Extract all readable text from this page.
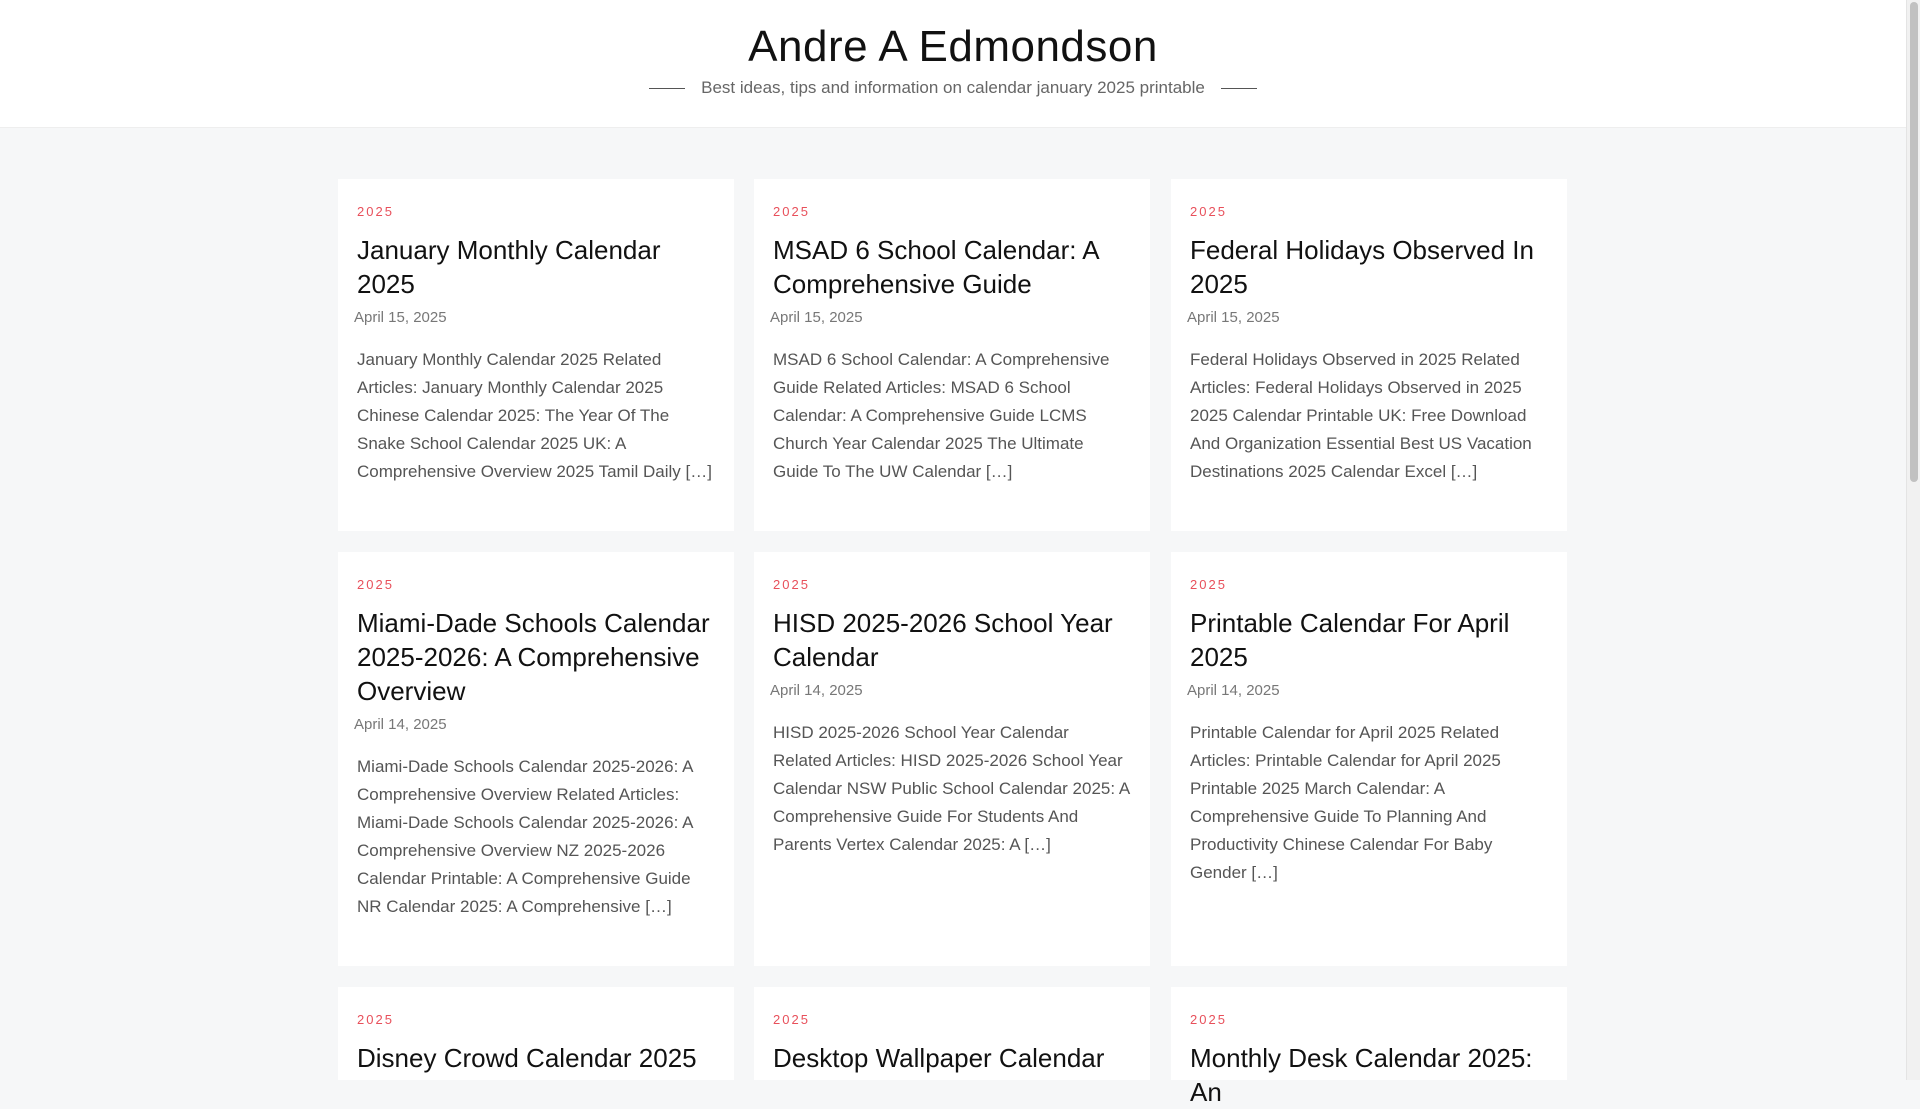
Andre A Edmondson
Best ideas, tips and information on calendar january 2025 printable
2025
January Monthly Calendar 2025
April 15, 2025

January Monthly Calendar 2025 Related Articles: January Monthly Calendar 2025 Chinese Calendar 2025: The Year Of The Snake School Calendar 2025 UK: A Comprehensive Overview 2025 Tamil Daily […]

2025
MSAD 6 School Calendar: A Comprehensive Guide
April 15, 2025

MSAD 6 School Calendar: A Comprehensive Guide Related Articles: MSAD 6 School Calendar: A Comprehensive Guide LCMS Church Year Calendar 2025 The Ultimate Guide To The UW Calendar […]

2025
Federal Holidays Observed In 2025
April 15, 2025

Federal Holidays Observed in 2025 Related Articles: Federal Holidays Observed in 2025 2025 Calendar Printable UK: Free Download And Organization Essential Best US Vacation Destinations 2025 Calendar Excel […]

2025
Miami-Dade Schools Calendar 2025-2026: A Comprehensive Overview
April 14, 2025

Miami-Dade Schools Calendar 2025-2026: A Comprehensive Overview Related Articles: Miami-Dade Schools Calendar 2025-2026: A Comprehensive Overview NZ 2025-2026 Calendar Printable: A Comprehensive Guide NR Calendar 2025: A Comprehensive […]

2025
HISD 2025-2026 School Year Calendar
April 14, 2025

HISD 2025-2026 School Year Calendar Related Articles: HISD 2025-2026 School Year Calendar NSW Public School Calendar 2025: A Comprehensive Guide For Students And Parents Vertex Calendar 2025: A […]

2025
Printable Calendar For April 2025
April 14, 2025

Printable Calendar for April 2025 Related Articles: Printable Calendar for April 2025 Printable 2025 March Calendar: A Comprehensive Guide To Planning And Productivity Chinese Calendar For Baby Gender […]

2025
Disney Crowd Calendar 2025
2025
Desktop Wallpaper Calendar
2025
Monthly Desk Calendar 2025: An
